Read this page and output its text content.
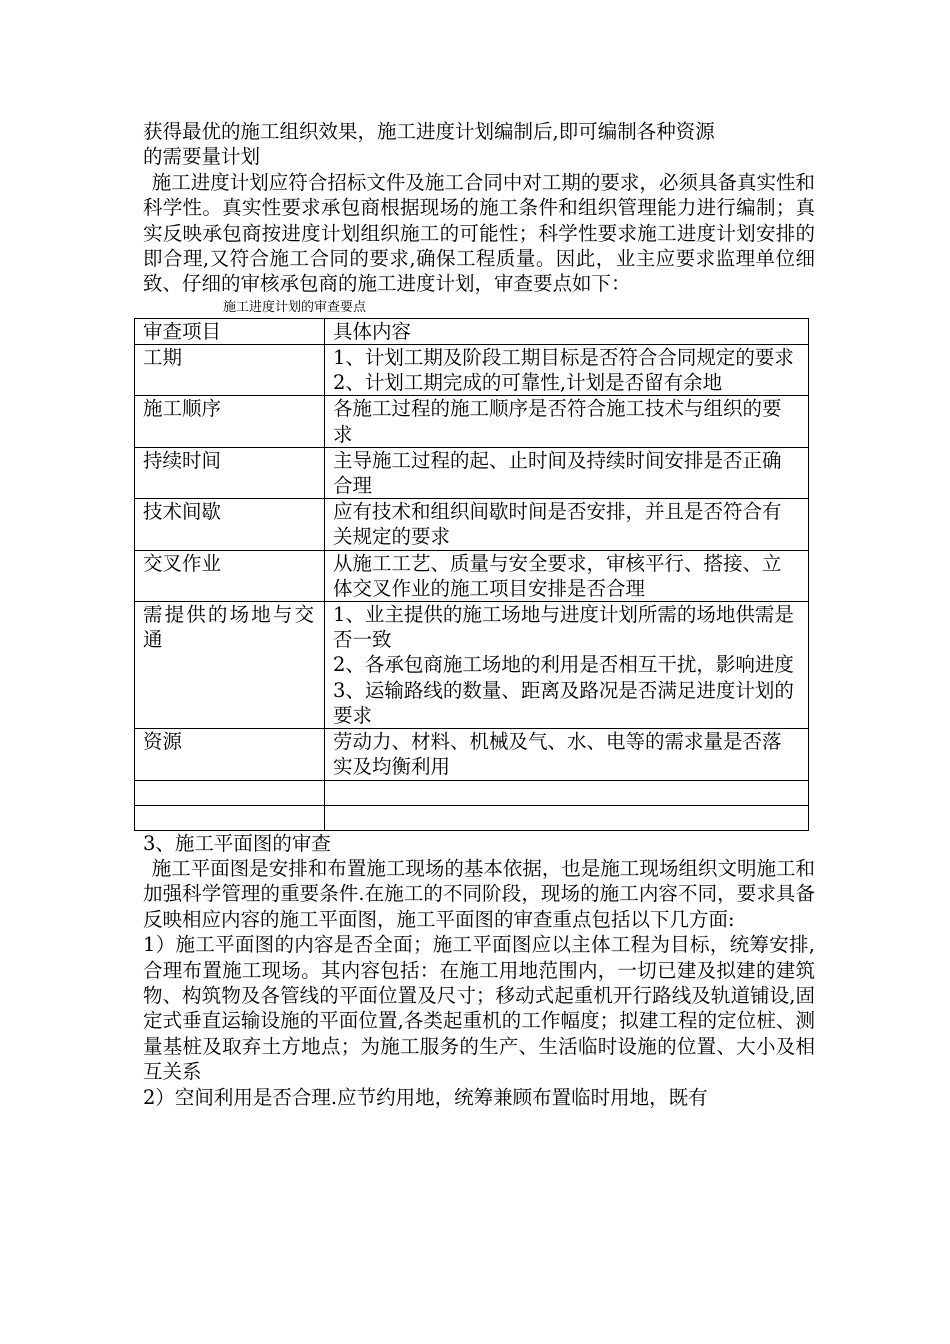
获得最优的施工组织效果，施工进度计划编制后,即可编制各种资源

的需要量计划

施工进度计划应符合招标文件及施工合同中对工期的要求，必须具备真实性和科学性。真实性要求承包商根据现场的施工条件和组织管理能力进行编制；真实反映承包商按进度计划组织施工的可能性；科学性要求施工进度计划安排的即合理,又符合施工合同的要求,确保工程质量。因此，业主应要求监理单位细致、仔细的审核承包商的施工进度计划，审查要点如下：

施工进度计划的审查要点
审查项目	具体内容
工期	1、计划工期及阶段工期目标是否符合合同规定的要求
2、计划工期完成的可靠性,计划是否留有余地

施工顺序	各施工过程的施工顺序是否符合施工技术与组织的要求

持续时间	主导施工过程的起、止时间及持续时间安排是否正确合理

技术间歇	应有技术和组织间歇时间是否安排，并且是否符合有关规定的要求

交叉作业	从施工工艺、质量与安全要求，审核平行、搭接、立体交叉作业的施工项目安排是否合理

需提供的场地与交通	1、业主提供的施工场地与进度计划所需的场地供需是否一致
2、各承包商施工场地的利用是否相互干扰，影响进度
3、运输路线的数量、距离及路况是否满足进度计划的要求

资源	劳动力、材料、机械及气、水、电等的需求量是否落实及均衡利用

3、施工平面图的审查

施工平面图是安排和布置施工现场的基本依据，也是施工现场组织文明施工和加强科学管理的重要条件.在施工的不同阶段，现场的施工内容不同，要求具备反映相应内容的施工平面图，施工平面图的审查重点包括以下几方面:

1）施工平面图的内容是否全面；施工平面图应以主体工程为目标，统筹安排,合理布置施工现场。其内容包括：在施工用地范围内，一切已建及拟建的建筑物、构筑物及各管线的平面位置及尺寸；移动式起重机开行路线及轨道铺设,固定式垂直运输设施的平面位置,各类起重机的工作幅度；拟建工程的定位桩、测量基桩及取弃土方地点；为施工服务的生产、生活临时设施的位置、大小及相互关系

2）空间利用是否合理.应节约用地，统筹兼顾布置临时用地，既有
